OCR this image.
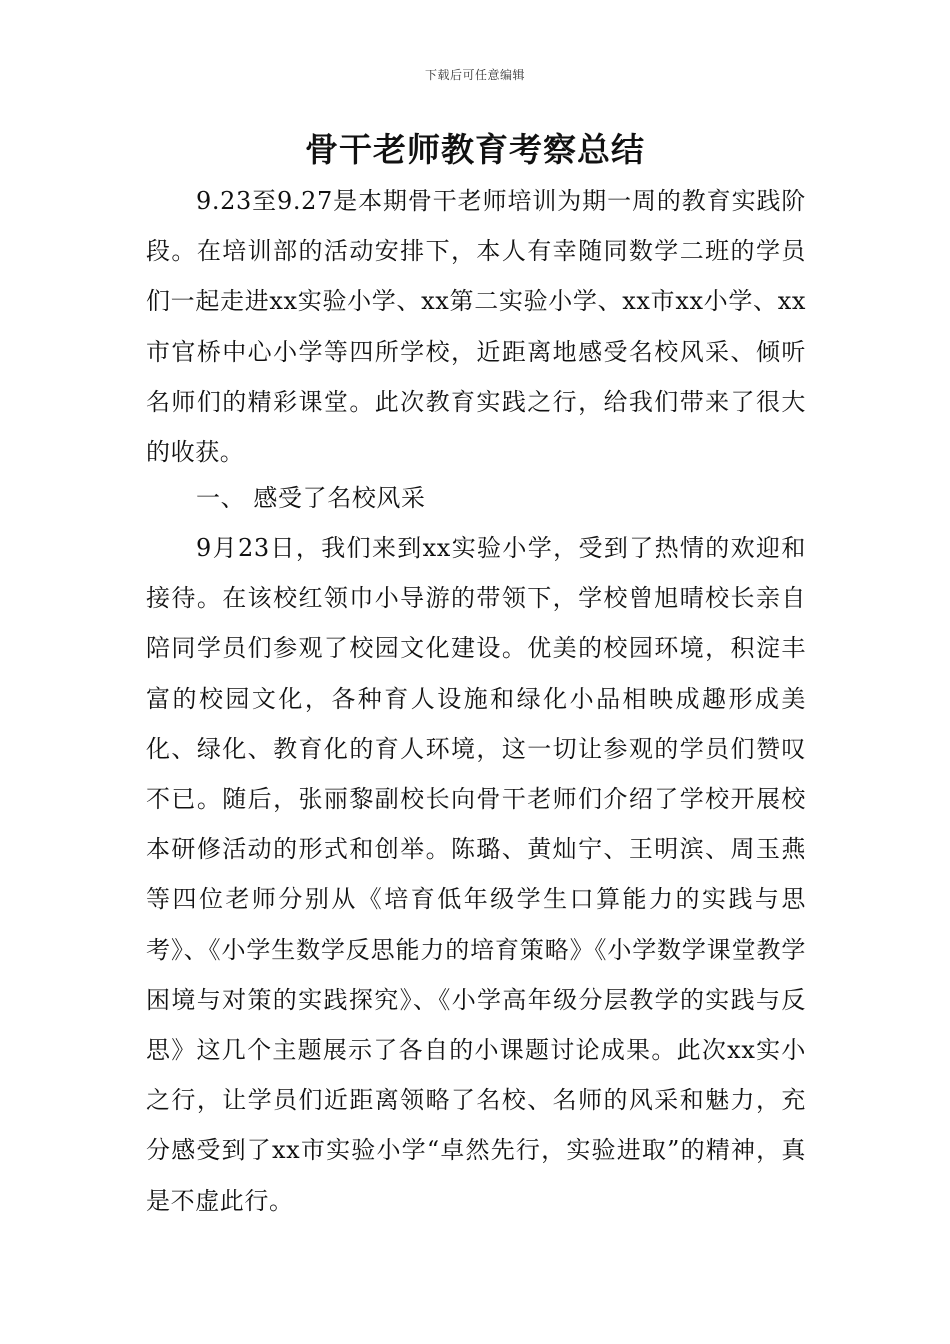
下载后可任意编辑
骨干老师教育考察总结

9.23至9.27是本期骨干老师培训为期一周的教育实践阶段。在培训部的活动安排下，本人有幸随同数学二班的学员们一起走进xx实验小学、xx第二实验小学、xx市xx小学、xx市官桥中心小学等四所学校，近距离地感受名校风采、倾听名师们的精彩课堂。此次教育实践之行，给我们带来了很大的收获。

一、 感受了名校风采

9月23日，我们来到xx实验小学，受到了热情的欢迎和接待。在该校红领巾小导游的带领下，学校曾旭晴校长亲自陪同学员们参观了校园文化建设。优美的校园环境，积淀丰富的校园文化，各种育人设施和绿化小品相映成趣形成美化、绿化、教育化的育人环境，这一切让参观的学员们赞叹不已。随后，张丽黎副校长向骨干老师们介绍了学校开展校本研修活动的形式和创举。陈璐、黄灿宁、王明滨、周玉燕等四位老师分别从《培育低年级学生口算能力的实践与思考》、《小学生数学反思能力的培育策略》《小学数学课堂教学困境与对策的实践探究》、《小学高年级分层教学的实践与反思》这几个主题展示了各自的小课题讨论成果。此次xx实小之行，让学员们近距离领略了名校、名师的风采和魅力，充分感受到了xx市实验小学“卓然先行，实验进取”的精神，真是不虚此行。
